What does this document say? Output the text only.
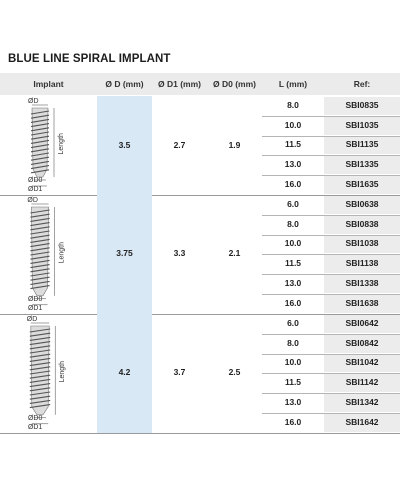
BLUE LINE SPIRAL IMPLANT
Implant	Ø D (mm)	Ø D1 (mm)	Ø D0 (mm)	L (mm)	Ref:
3.5	2.7	1.9
8.0	SBI0835
10.0	SBI1035
11.5	SBI1135
13.0	SBI1335
16.0	SBI1635
ØD
Length
ØD0
ØD1
3.75	3.3	2.1
6.0	SBI0638
8.0	SBI0838
10.0	SBI1038
11.5	SBI1138
13.0	SBI1338
16.0	SBI1638
ØD
Length
ØD0
ØD1
4.2	3.7	2.5
6.0	SBI0642
8.0	SBI0842
10.0	SBI1042
11.5	SBI1142
13.0	SBI1342
16.0	SBI1642
ØD
Length
ØD0
ØD1
